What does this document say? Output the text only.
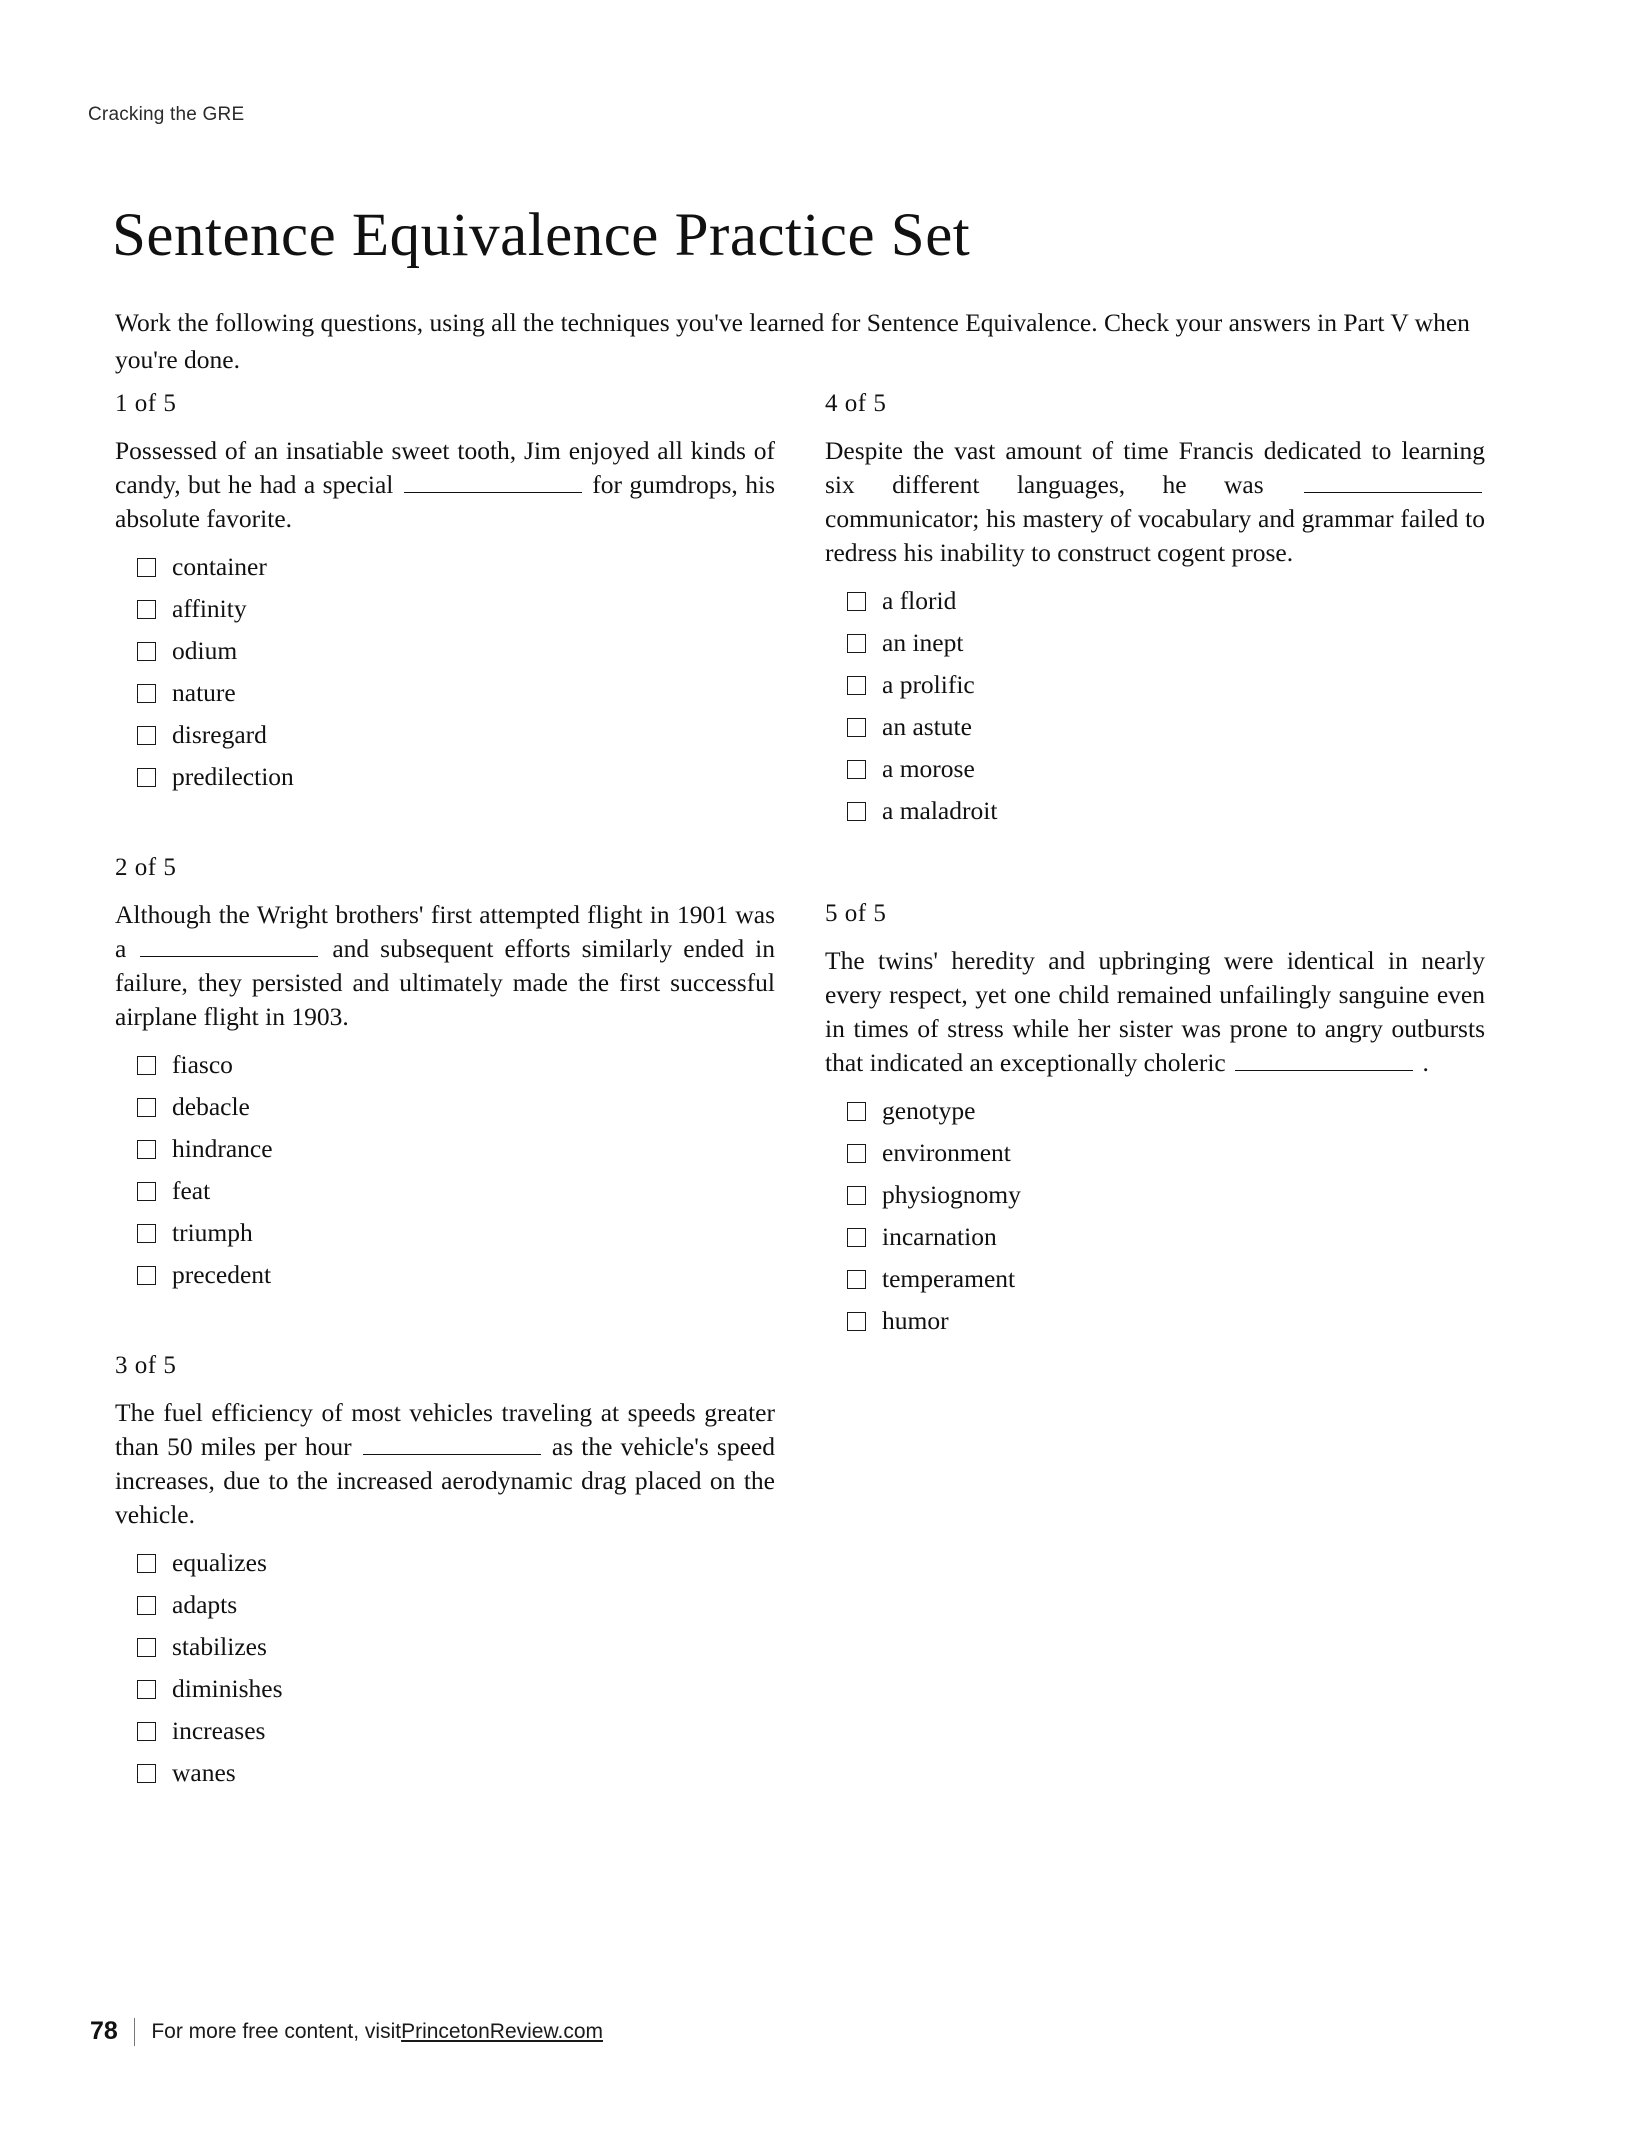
Cracking the GRE
Sentence Equivalence Practice Set

Work the following questions, using all the techniques you've learned for Sentence Equivalence. Check your answers in Part V when you're done.

1 of 5
Possessed of an insatiable sweet tooth, Jim enjoyed all kinds of candy, but he had a special	for gumdrops, his absolute favorite.
container
affinity
odium
nature
disregard
predilection
2 of 5
Although the Wright brothers' first attempted flight in 1901 was a	and subsequent efforts similarly ended in failure, they persisted and ultimately made the first successful airplane flight in 1903.
fiasco
debacle
hindrance
feat
triumph
precedent
3 of 5
The fuel efficiency of most vehicles traveling at speeds greater than 50 miles per hour	as the vehicle's speed increases, due to the increased aerodynamic drag placed on the vehicle.
equalizes
adapts
stabilizes
diminishes
increases
wanes
4 of 5
Despite the vast amount of time Francis dedicated to learning six different languages, he was  communicator; his mastery of vocabulary and grammar failed to redress his inability to construct cogent prose.
a florid
an inept
a prolific
an astute
a morose
a maladroit
5 of 5
The twins' heredity and upbringing were identical in nearly every respect, yet one child remained unfailingly sanguine even in times of stress while her sister was prone to angry outbursts that indicated an exceptionally choleric	.
genotype
environment
physiognomy
incarnation
temperament
humor
78 For more free content, visit PrincetonReview.com
